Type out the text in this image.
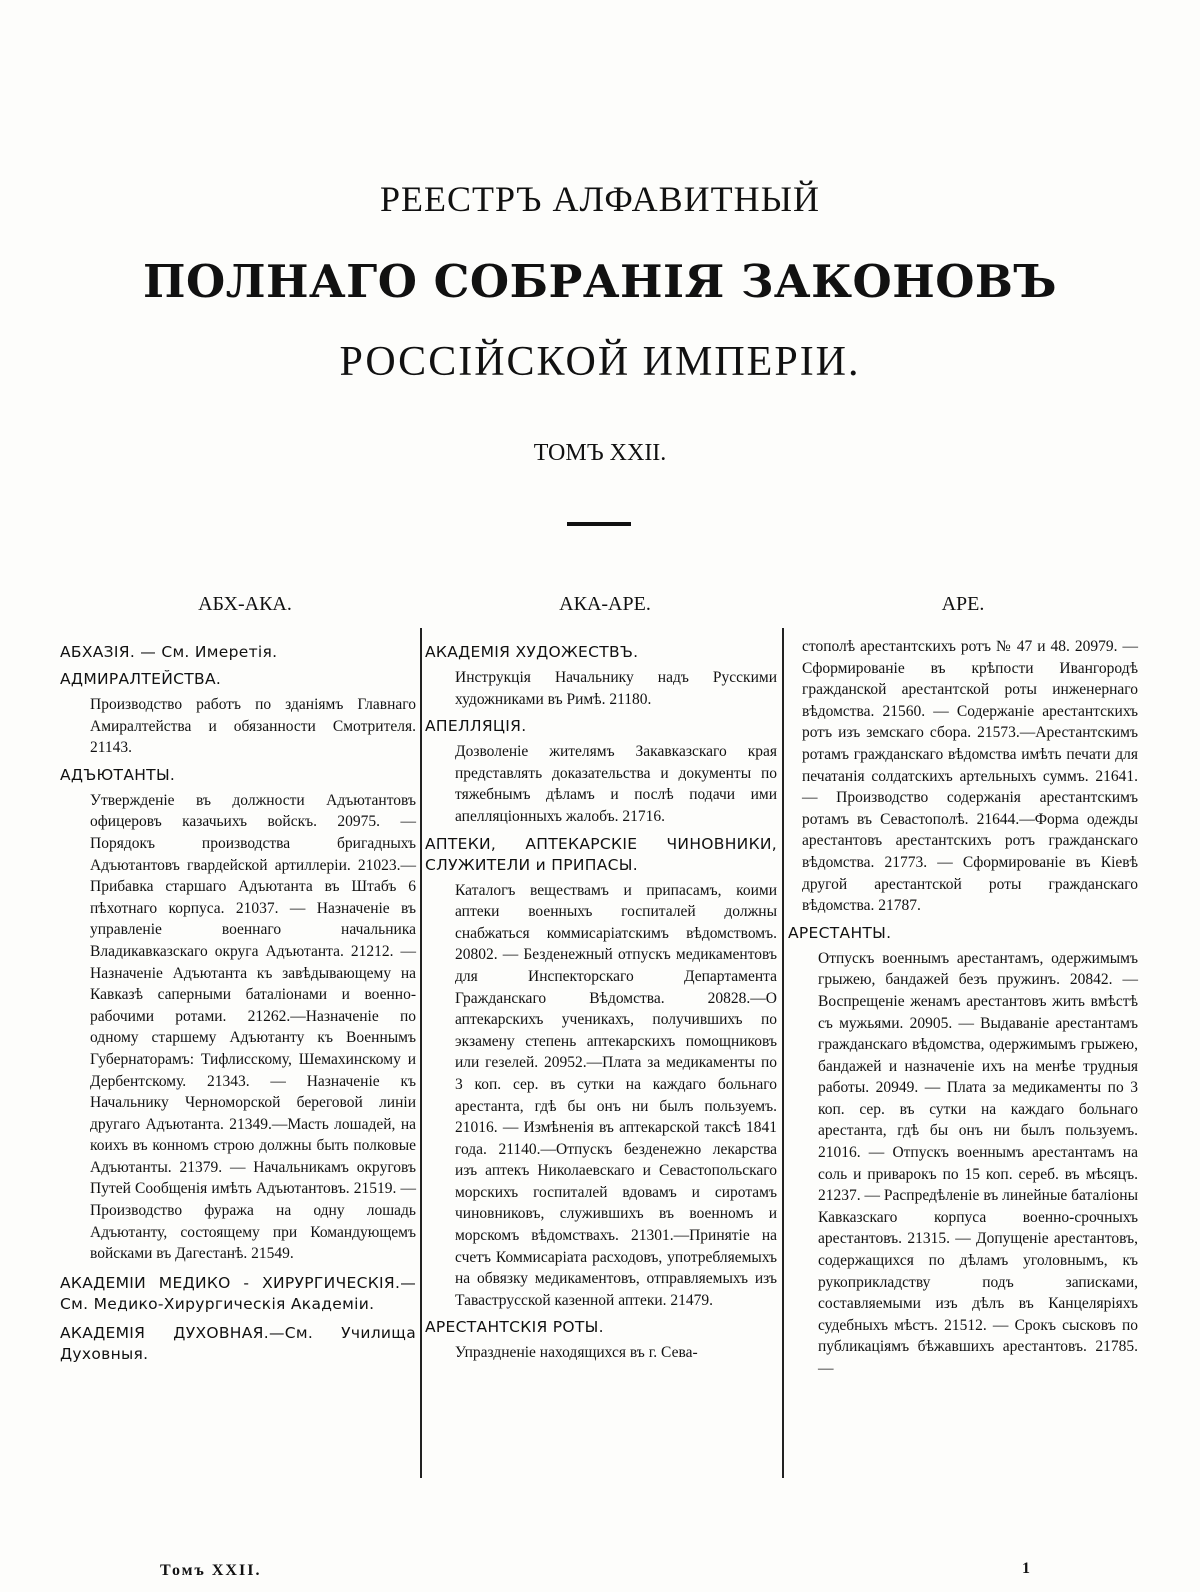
РЕЕСТРЪ АЛФАВИТНЫЙ
ПОЛНАГО СОБРАНІЯ ЗАКОНОВЪ
РОССІЙСКОЙ ИМПЕРІИ.
ТОМЪ XXII.
АБХ-АКА.	АКА-АРЕ.	АРЕ.
АБХАЗІЯ. — См. Имеретія.
АДМИРАЛТЕЙСТВА.

Производство работъ по зданіямъ Главнаго Амиралтейства и обязанности Смотрителя. 21143.

АДЪЮТАНТЫ.

Утвержденіе въ должности Адъютантовъ офицеровъ казачьихъ войскъ. 20975. — Порядокъ производства бригадныхъ Адъютантовъ гвардейской артиллеріи. 21023.—Прибавка старшаго Адъютанта въ Штабъ 6 пѣхотнаго корпуса. 21037. — Назначеніе въ управленіе военнаго начальника Владикавказскаго округа Адъютанта. 21212. — Назначеніе Адъютанта къ завѣдывающему на Кавказѣ саперными баталіонами и военно-рабочими ротами. 21262.—Назначеніе по одному старшему Адъютанту къ Военнымъ Губернаторамъ: Тифлисскому, Шемахинскому и Дербентскому. 21343. — Назначеніе къ Начальнику Черноморской береговой линіи другаго Адъютанта. 21349.—Масть лошадей, на коихъ въ конномъ строю должны быть полковые Адъютанты. 21379. — Начальникамъ округовъ Путей Сообщенія имѣть Адъютантовъ. 21519. — Производство фуража на одну лошадь Адъютанту, состоящему при Командующемъ войсками въ Дагестанѣ. 21549.

АКАДЕМІИ МЕДИКО - ХИРУРГИЧЕСКІЯ.—См. Медико-Хирургическія Академіи.
АКАДЕМІЯ ДУХОВНАЯ.—См. Училища Духовныя.
АКАДЕМІЯ ХУДОЖЕСТВЪ.

Инструкція Начальнику надъ Русскими художниками въ Римѣ. 21180.

АПЕЛЛЯЦІЯ.

Дозволеніе жителямъ Закавказскаго края представлять доказательства и документы по тяжебнымъ дѣламъ и послѣ подачи ими апелляціонныхъ жалобъ. 21716.

АПТЕКИ, АПТЕКАРСКІЕ ЧИНОВНИКИ, СЛУЖИТЕЛИ и ПРИПАСЫ.

Каталогъ веществамъ и припасамъ, коими аптеки военныхъ госпиталей должны снабжаться коммисаріатскимъ вѣдомствомъ. 20802. — Безденежный отпускъ медикаментовъ для Инспекторскаго Департамента Гражданскаго Вѣдомства. 20828.—О аптекарскихъ ученикахъ, получившихъ по экзамену степень аптекарскихъ помощниковъ или гезелей. 20952.—Плата за медикаменты по 3 коп. сер. въ сутки на каждаго больнаго арестанта, гдѣ бы онъ ни былъ пользуемъ. 21016. — Измѣненія въ аптекарской таксѣ 1841 года. 21140.—Отпускъ безденежно лекарства изъ аптекъ Николаевскаго и Севастопольскаго морскихъ госпиталей вдовамъ и сиротамъ чиновниковъ, служившихъ въ военномъ и морскомъ вѣдомствахъ. 21301.—Принятіе на счетъ Коммисаріата расходовъ, употребляемыхъ на обвязку медикаментовъ, отправляемыхъ изъ Таваструсской казенной аптеки. 21479.

АРЕСТАНТСКІЯ РОТЫ.

Упраздненіе находящихся въ г. Сева-

стополѣ арестантскихъ ротъ № 47 и 48. 20979. — Сформированіе въ крѣпости Ивангородѣ гражданской арестантской роты инженернаго вѣдомства. 21560. — Содержаніе арестантскихъ ротъ изъ земскаго сбора. 21573.—Арестантскимъ ротамъ гражданскаго вѣдомства имѣть печати для печатанія солдатскихъ артельныхъ суммъ. 21641. — Производство содержанія арестантскимъ ротамъ въ Севастополѣ. 21644.—Форма одежды арестантовъ арестантскихъ ротъ гражданскаго вѣдомства. 21773. — Сформированіе въ Кіевѣ другой арестантской роты гражданскаго вѣдомства. 21787.

АРЕСТАНТЫ.

Отпускъ военнымъ арестантамъ, одержимымъ грыжею, бандажей безъ пружинъ. 20842. — Воспрещеніе женамъ арестантовъ жить вмѣстѣ съ мужьями. 20905. — Выдаваніе арестантамъ гражданскаго вѣдомства, одержимымъ грыжею, бандажей и назначеніе ихъ на менѣе трудныя работы. 20949. — Плата за медикаменты по 3 коп. сер. въ сутки на каждаго больнаго арестанта, гдѣ бы онъ ни былъ пользуемъ. 21016. — Отпускъ военнымъ арестантамъ на соль и приварокъ по 15 коп. сереб. въ мѣсяцъ. 21237. — Распредѣленіе въ линейные баталіоны Кавказскаго корпуса военно-срочныхъ арестантовъ. 21315. — Допущеніе арестантовъ, содержащихся по дѣламъ уголовнымъ, къ рукоприкладству подъ записками, составляемыми изъ дѣлъ въ Канцеляріяхъ судебныхъ мѣстъ. 21512. — Срокъ сысковъ по публикаціямъ бѣжавшихъ арестантовъ. 21785. —

Томъ XXII.	1
